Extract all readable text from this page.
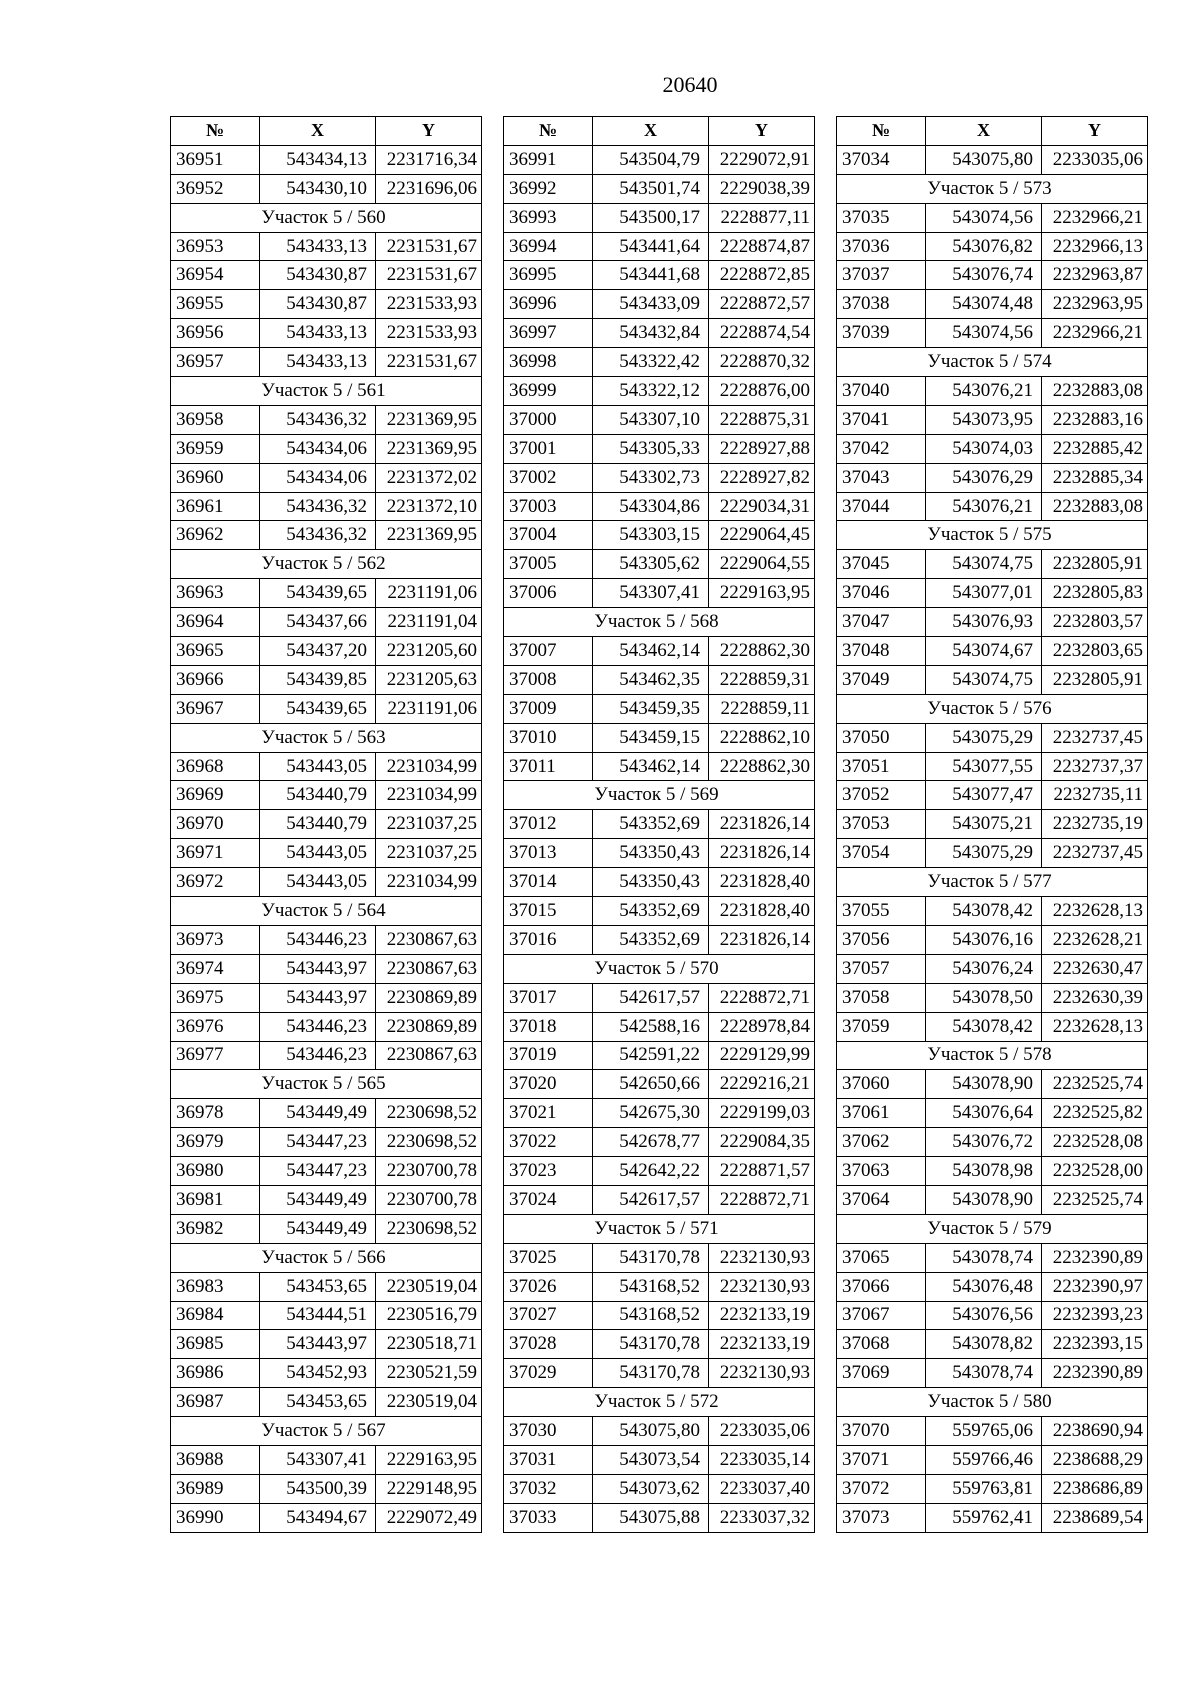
20640
№	X	Y
36951	543434,13	2231716,34
36952	543430,10	2231696,06
Участок 5 / 560		
36953	543433,13	2231531,67
36954	543430,87	2231531,67
36955	543430,87	2231533,93
36956	543433,13	2231533,93
36957	543433,13	2231531,67
Участок 5 / 561		
36958	543436,32	2231369,95
36959	543434,06	2231369,95
36960	543434,06	2231372,02
36961	543436,32	2231372,10
36962	543436,32	2231369,95
Участок 5 / 562		
36963	543439,65	2231191,06
36964	543437,66	2231191,04
36965	543437,20	2231205,60
36966	543439,85	2231205,63
36967	543439,65	2231191,06
Участок 5 / 563		
36968	543443,05	2231034,99
36969	543440,79	2231034,99
36970	543440,79	2231037,25
36971	543443,05	2231037,25
36972	543443,05	2231034,99
Участок 5 / 564		
36973	543446,23	2230867,63
36974	543443,97	2230867,63
36975	543443,97	2230869,89
36976	543446,23	2230869,89
36977	543446,23	2230867,63
Участок 5 / 565		
36978	543449,49	2230698,52
36979	543447,23	2230698,52
36980	543447,23	2230700,78
36981	543449,49	2230700,78
36982	543449,49	2230698,52
Участок 5 / 566		
36983	543453,65	2230519,04
36984	543444,51	2230516,79
36985	543443,97	2230518,71
36986	543452,93	2230521,59
36987	543453,65	2230519,04
Участок 5 / 567		
36988	543307,41	2229163,95
36989	543500,39	2229148,95
36990	543494,67	2229072,49
№	X	Y
36991	543504,79	2229072,91
36992	543501,74	2229038,39
36993	543500,17	2228877,11
36994	543441,64	2228874,87
36995	543441,68	2228872,85
36996	543433,09	2228872,57
36997	543432,84	2228874,54
36998	543322,42	2228870,32
36999	543322,12	2228876,00
37000	543307,10	2228875,31
37001	543305,33	2228927,88
37002	543302,73	2228927,82
37003	543304,86	2229034,31
37004	543303,15	2229064,45
37005	543305,62	2229064,55
37006	543307,41	2229163,95
Участок 5 / 568		
37007	543462,14	2228862,30
37008	543462,35	2228859,31
37009	543459,35	2228859,11
37010	543459,15	2228862,10
37011	543462,14	2228862,30
Участок 5 / 569		
37012	543352,69	2231826,14
37013	543350,43	2231826,14
37014	543350,43	2231828,40
37015	543352,69	2231828,40
37016	543352,69	2231826,14
Участок 5 / 570		
37017	542617,57	2228872,71
37018	542588,16	2228978,84
37019	542591,22	2229129,99
37020	542650,66	2229216,21
37021	542675,30	2229199,03
37022	542678,77	2229084,35
37023	542642,22	2228871,57
37024	542617,57	2228872,71
Участок 5 / 571		
37025	543170,78	2232130,93
37026	543168,52	2232130,93
37027	543168,52	2232133,19
37028	543170,78	2232133,19
37029	543170,78	2232130,93
Участок 5 / 572		
37030	543075,80	2233035,06
37031	543073,54	2233035,14
37032	543073,62	2233037,40
37033	543075,88	2233037,32
№	X	Y
37034	543075,80	2233035,06
Участок 5 / 573		
37035	543074,56	2232966,21
37036	543076,82	2232966,13
37037	543076,74	2232963,87
37038	543074,48	2232963,95
37039	543074,56	2232966,21
Участок 5 / 574		
37040	543076,21	2232883,08
37041	543073,95	2232883,16
37042	543074,03	2232885,42
37043	543076,29	2232885,34
37044	543076,21	2232883,08
Участок 5 / 575		
37045	543074,75	2232805,91
37046	543077,01	2232805,83
37047	543076,93	2232803,57
37048	543074,67	2232803,65
37049	543074,75	2232805,91
Участок 5 / 576		
37050	543075,29	2232737,45
37051	543077,55	2232737,37
37052	543077,47	2232735,11
37053	543075,21	2232735,19
37054	543075,29	2232737,45
Участок 5 / 577		
37055	543078,42	2232628,13
37056	543076,16	2232628,21
37057	543076,24	2232630,47
37058	543078,50	2232630,39
37059	543078,42	2232628,13
Участок 5 / 578		
37060	543078,90	2232525,74
37061	543076,64	2232525,82
37062	543076,72	2232528,08
37063	543078,98	2232528,00
37064	543078,90	2232525,74
Участок 5 / 579		
37065	543078,74	2232390,89
37066	543076,48	2232390,97
37067	543076,56	2232393,23
37068	543078,82	2232393,15
37069	543078,74	2232390,89
Участок 5 / 580		
37070	559765,06	2238690,94
37071	559766,46	2238688,29
37072	559763,81	2238686,89
37073	559762,41	2238689,54
